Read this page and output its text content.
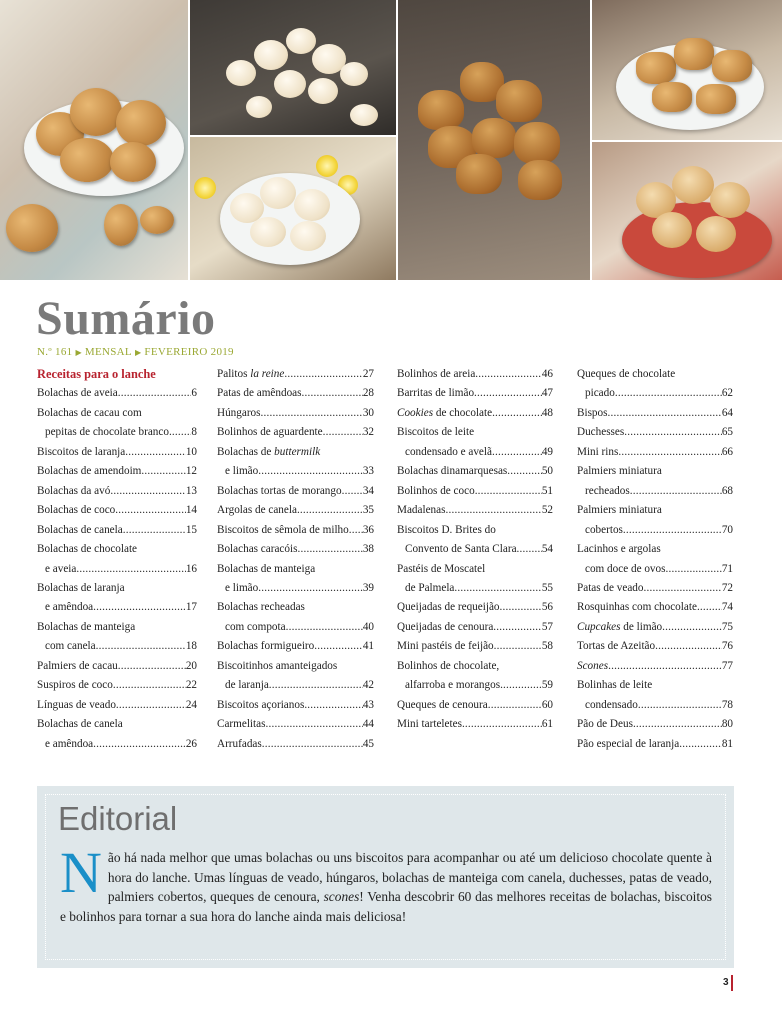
Sumário
N.º 161 ▶ MENSAL ▶ FEVEREIRO 2019
Receitas para o lanche
Bolachas de aveia .....	6
Bolachas de cacau com
pepitas de chocolate branco ..... 8
Biscoitos de laranja .....	10
Bolachas de amendoim .....	12
Bolachas da avó .....	13
Bolachas de coco .....	14
Bolachas de canela .....	15
Bolachas de chocolate
e aveia .....	16
Bolachas de laranja
e amêndoa .....	17
Bolachas de manteiga
com canela .....	18
Palmiers de cacau .....	20
Suspiros de coco .....	22
Línguas de veado .....	24
Bolachas de canela
e amêndoa .....	26
Palitos la reine .....	27
Patas de amêndoas .....	28
Húngaros .....	30
Bolinhos de aguardente .....	32
Bolachas de buttermilk
e limão .....	33
Bolachas tortas de morango ..... 34
Argolas de canela .....	35
Biscoitos de sêmola de milho ..... 36
Bolachas caracóis .....	38
Bolachas de manteiga
e limão .....	39
Bolachas recheadas
com compota .....	40
Bolachas formigueiro .....	41
Biscoitinhos amanteigados
de laranja .....	42
Biscoitos açorianos .....	43
Carmelitas .....	44
Arrufadas .....	45
Bolinhos de areia .....	46
Barritas de limão .....	47
Cookies de chocolate .....	48
Biscoitos de leite
condensado e avelã .....	49
Bolachas dinamarquesas .....	50
Bolinhos de coco .....	51
Madalenas .....	52
Biscoitos D. Brites do
Convento de Santa Clara ..... 54
Pastéis de Moscatel
de Palmela .....	55
Queijadas de requeijão .....	56
Queijadas de cenoura .....	57
Mini pastéis de feijão .....	58
Bolinhos de chocolate,
alfarroba e morangos .....	59
Queques de cenoura .....	60
Mini tarteletes .....	61
Queques de chocolate
picado .....	62
Bispos .....	64
Duchesses .....	65
Mini rins .....	66
Palmiers miniatura
recheados .....	68
Palmiers miniatura
cobertos .....	70
Lacinhos e argolas
com doce de ovos .....	71
Patas de veado .....	72
Rosquinhas com chocolate ..... 74
Cupcakes de limão .....	75
Tortas de Azeitão .....	76
Scones .....	77
Bolinhas de leite
condensado .....	78
Pão de Deus .....	80
Pão especial de laranja .....	81
Editorial
Não há nada melhor que umas bolachas ou uns biscoitos para acompanhar ou até um delicioso chocolate quente à hora do lanche. Umas línguas de veado, húngaros, bolachas de manteiga com canela, duchesses, patas de veado, palmiers cobertos, queques de cenoura, scones! Venha descobrir 60 das melhores receitas de bolachas, biscoitos e bolinhos para tornar a sua hora do lanche ainda mais deliciosa!
3
